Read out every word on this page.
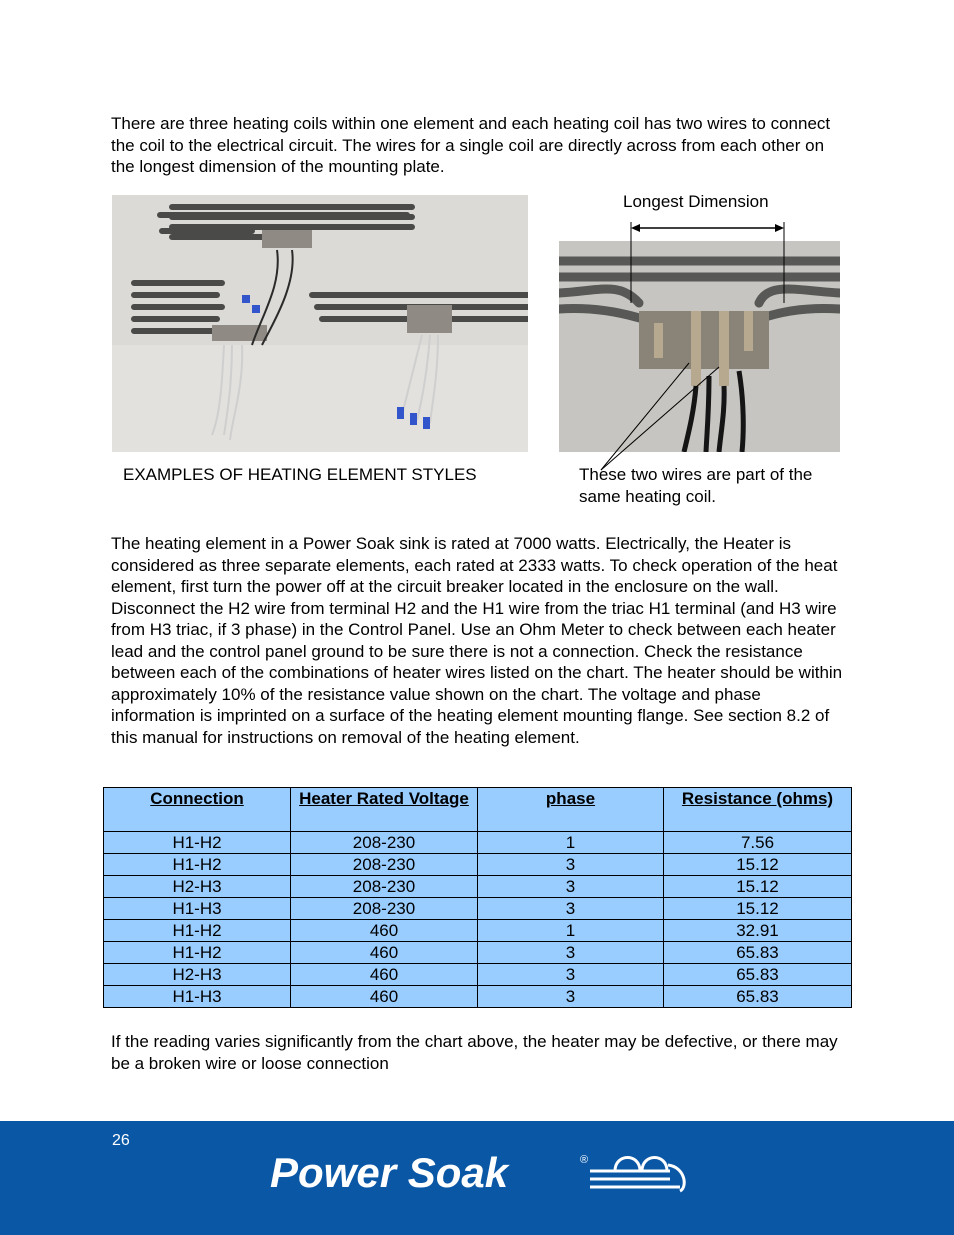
There are three heating coils within one element and each heating coil has two wires to connect the coil to the electrical circuit. The wires for a single coil are directly across from each other on the longest dimension of the mounting plate.

Longest Dimension

EXAMPLES OF HEATING ELEMENT STYLES	These two wires are part of the same heating coil.

The heating element in a Power Soak sink is rated at 7000 watts. Electrically, the Heater is considered as three separate elements, each rated at 2333 watts. To check operation of the heat element, first turn the power off at the circuit breaker located in the enclosure on the wall. Disconnect the H2 wire from terminal H2 and the H1 wire from the triac H1 terminal (and H3 wire from H3 triac, if 3 phase) in the Control Panel. Use an Ohm Meter to check between each heater lead and the control panel ground to be sure there is not a connection. Check the resistance between each of the combinations of heater wires listed on the chart. The heater should be within approximately 10% of the resistance value shown on the chart. The voltage and phase information is imprinted on a surface of the heating element mounting flange. See section 8.2 of this manual for instructions on removal of the heating element.

Connection	Heater Rated Voltage	phase	Resistance (ohms)
H1-H2	208-230	1	7.56
H1-H2	208-230	3	15.12
H2-H3	208-230	3	15.12
H1-H3	208-230	3	15.12
H1-H2	460	1	32.91
H1-H2	460	3	65.83
H2-H3	460	3	65.83
H1-H3	460	3	65.83

If the reading varies significantly from the chart above, the heater may be defective, or there may be a broken wire or loose connection

26
Power Soak	®
